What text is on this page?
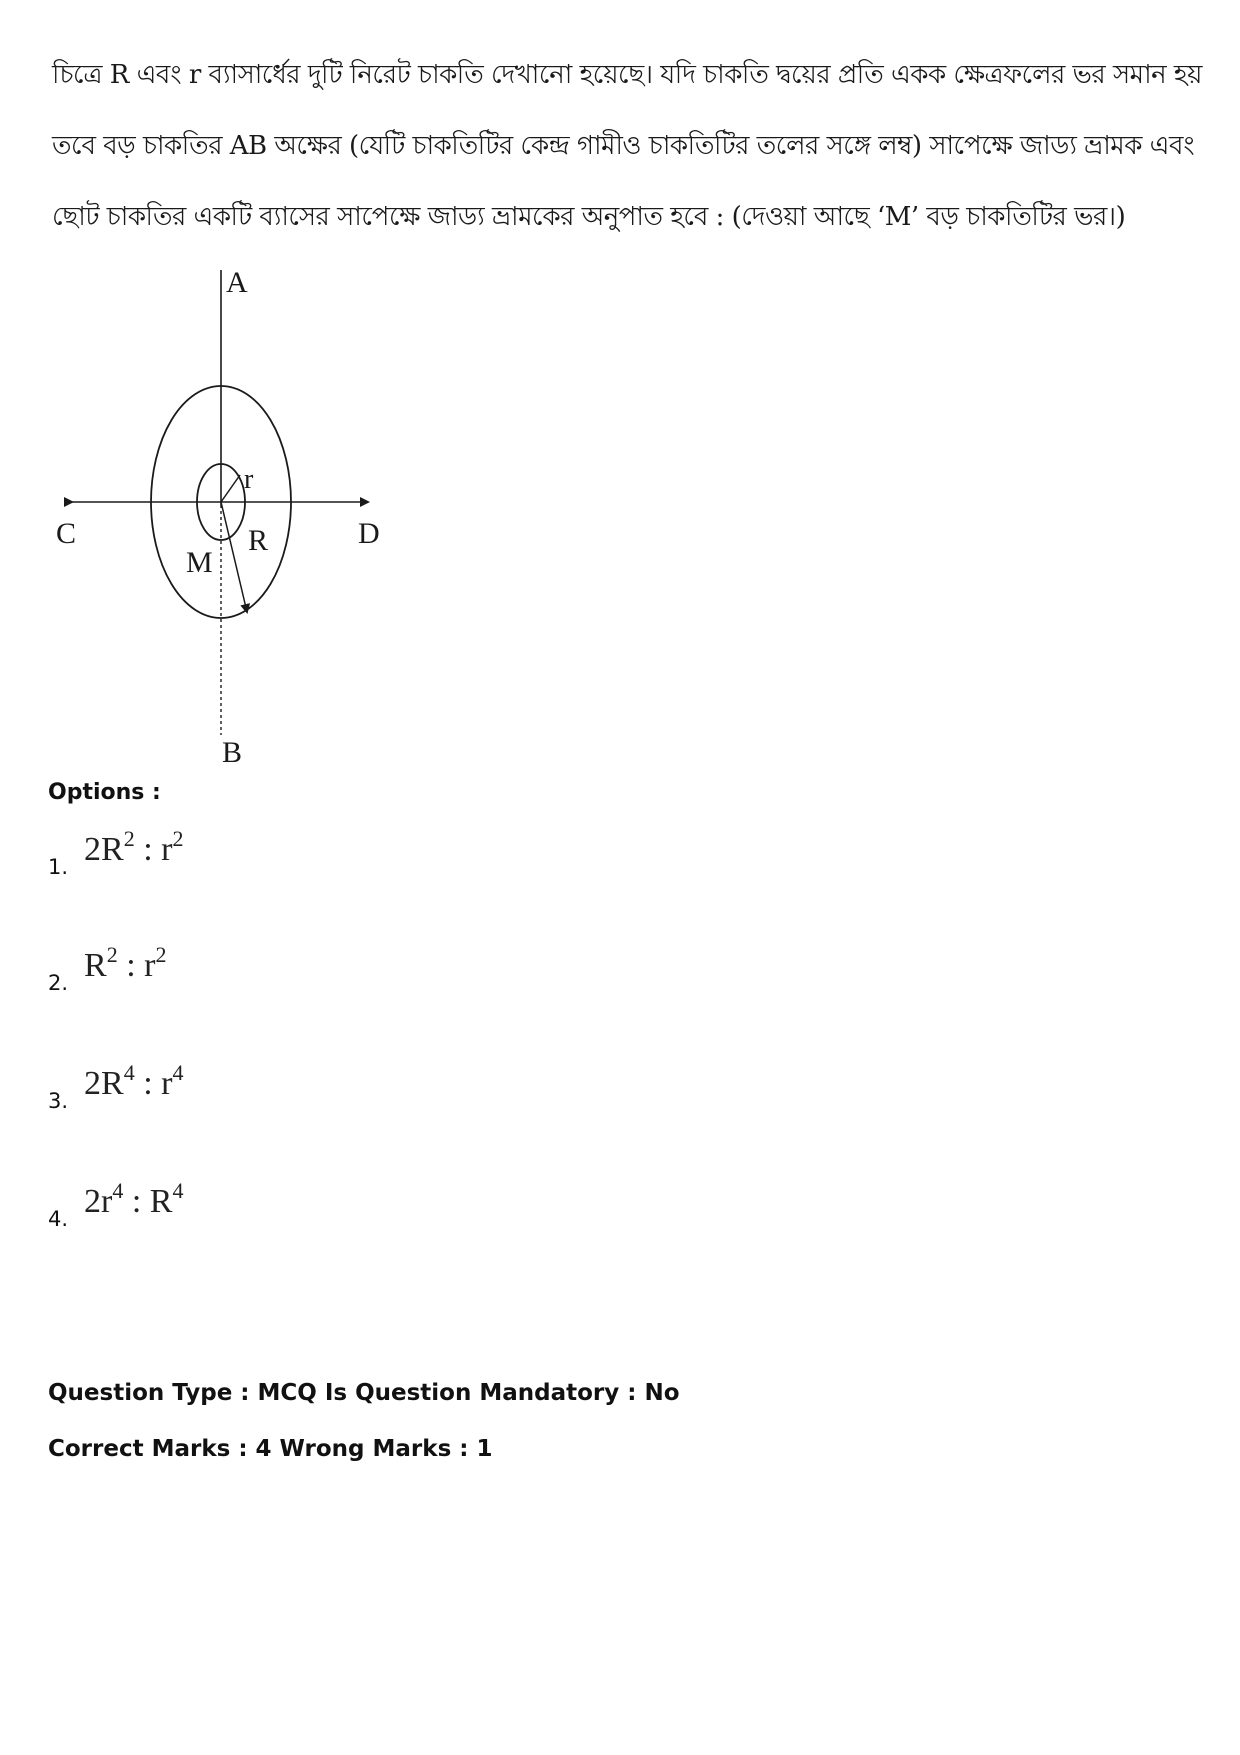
চিত্রে R এবং r ব্যাসার্ধের দুটি নিরেট চাকতি দেখানো হয়েছে। যদি চাকতি দ্বয়ের প্রতি একক ক্ষেত্রফলের ভর সমান হয়
তবে বড় চাকতির AB অক্ষের (যেটি চাকতিটির কেন্দ্র গামীও চাকতিটির তলের সঙ্গে লম্ব) সাপেক্ষে জাড্য ভ্রামক এবং
ছোট চাকতির একটি ব্যাসের সাপেক্ষে জাড্য ভ্রামকের অনুপাত হবে : (দেওয়া আছে ‘M’ বড় চাকতিটির ভর।)
A
B
C	D
r
R
M
Options :
1. $2R^2$ : $r^2$
2. $R^2$ : $r^2$
3. $2R^4$ : $r^4$
4. $2r^4$ : $R^4$
Question Type : MCQ Is Question Mandatory : No
Correct Marks : 4 Wrong Marks : 1
